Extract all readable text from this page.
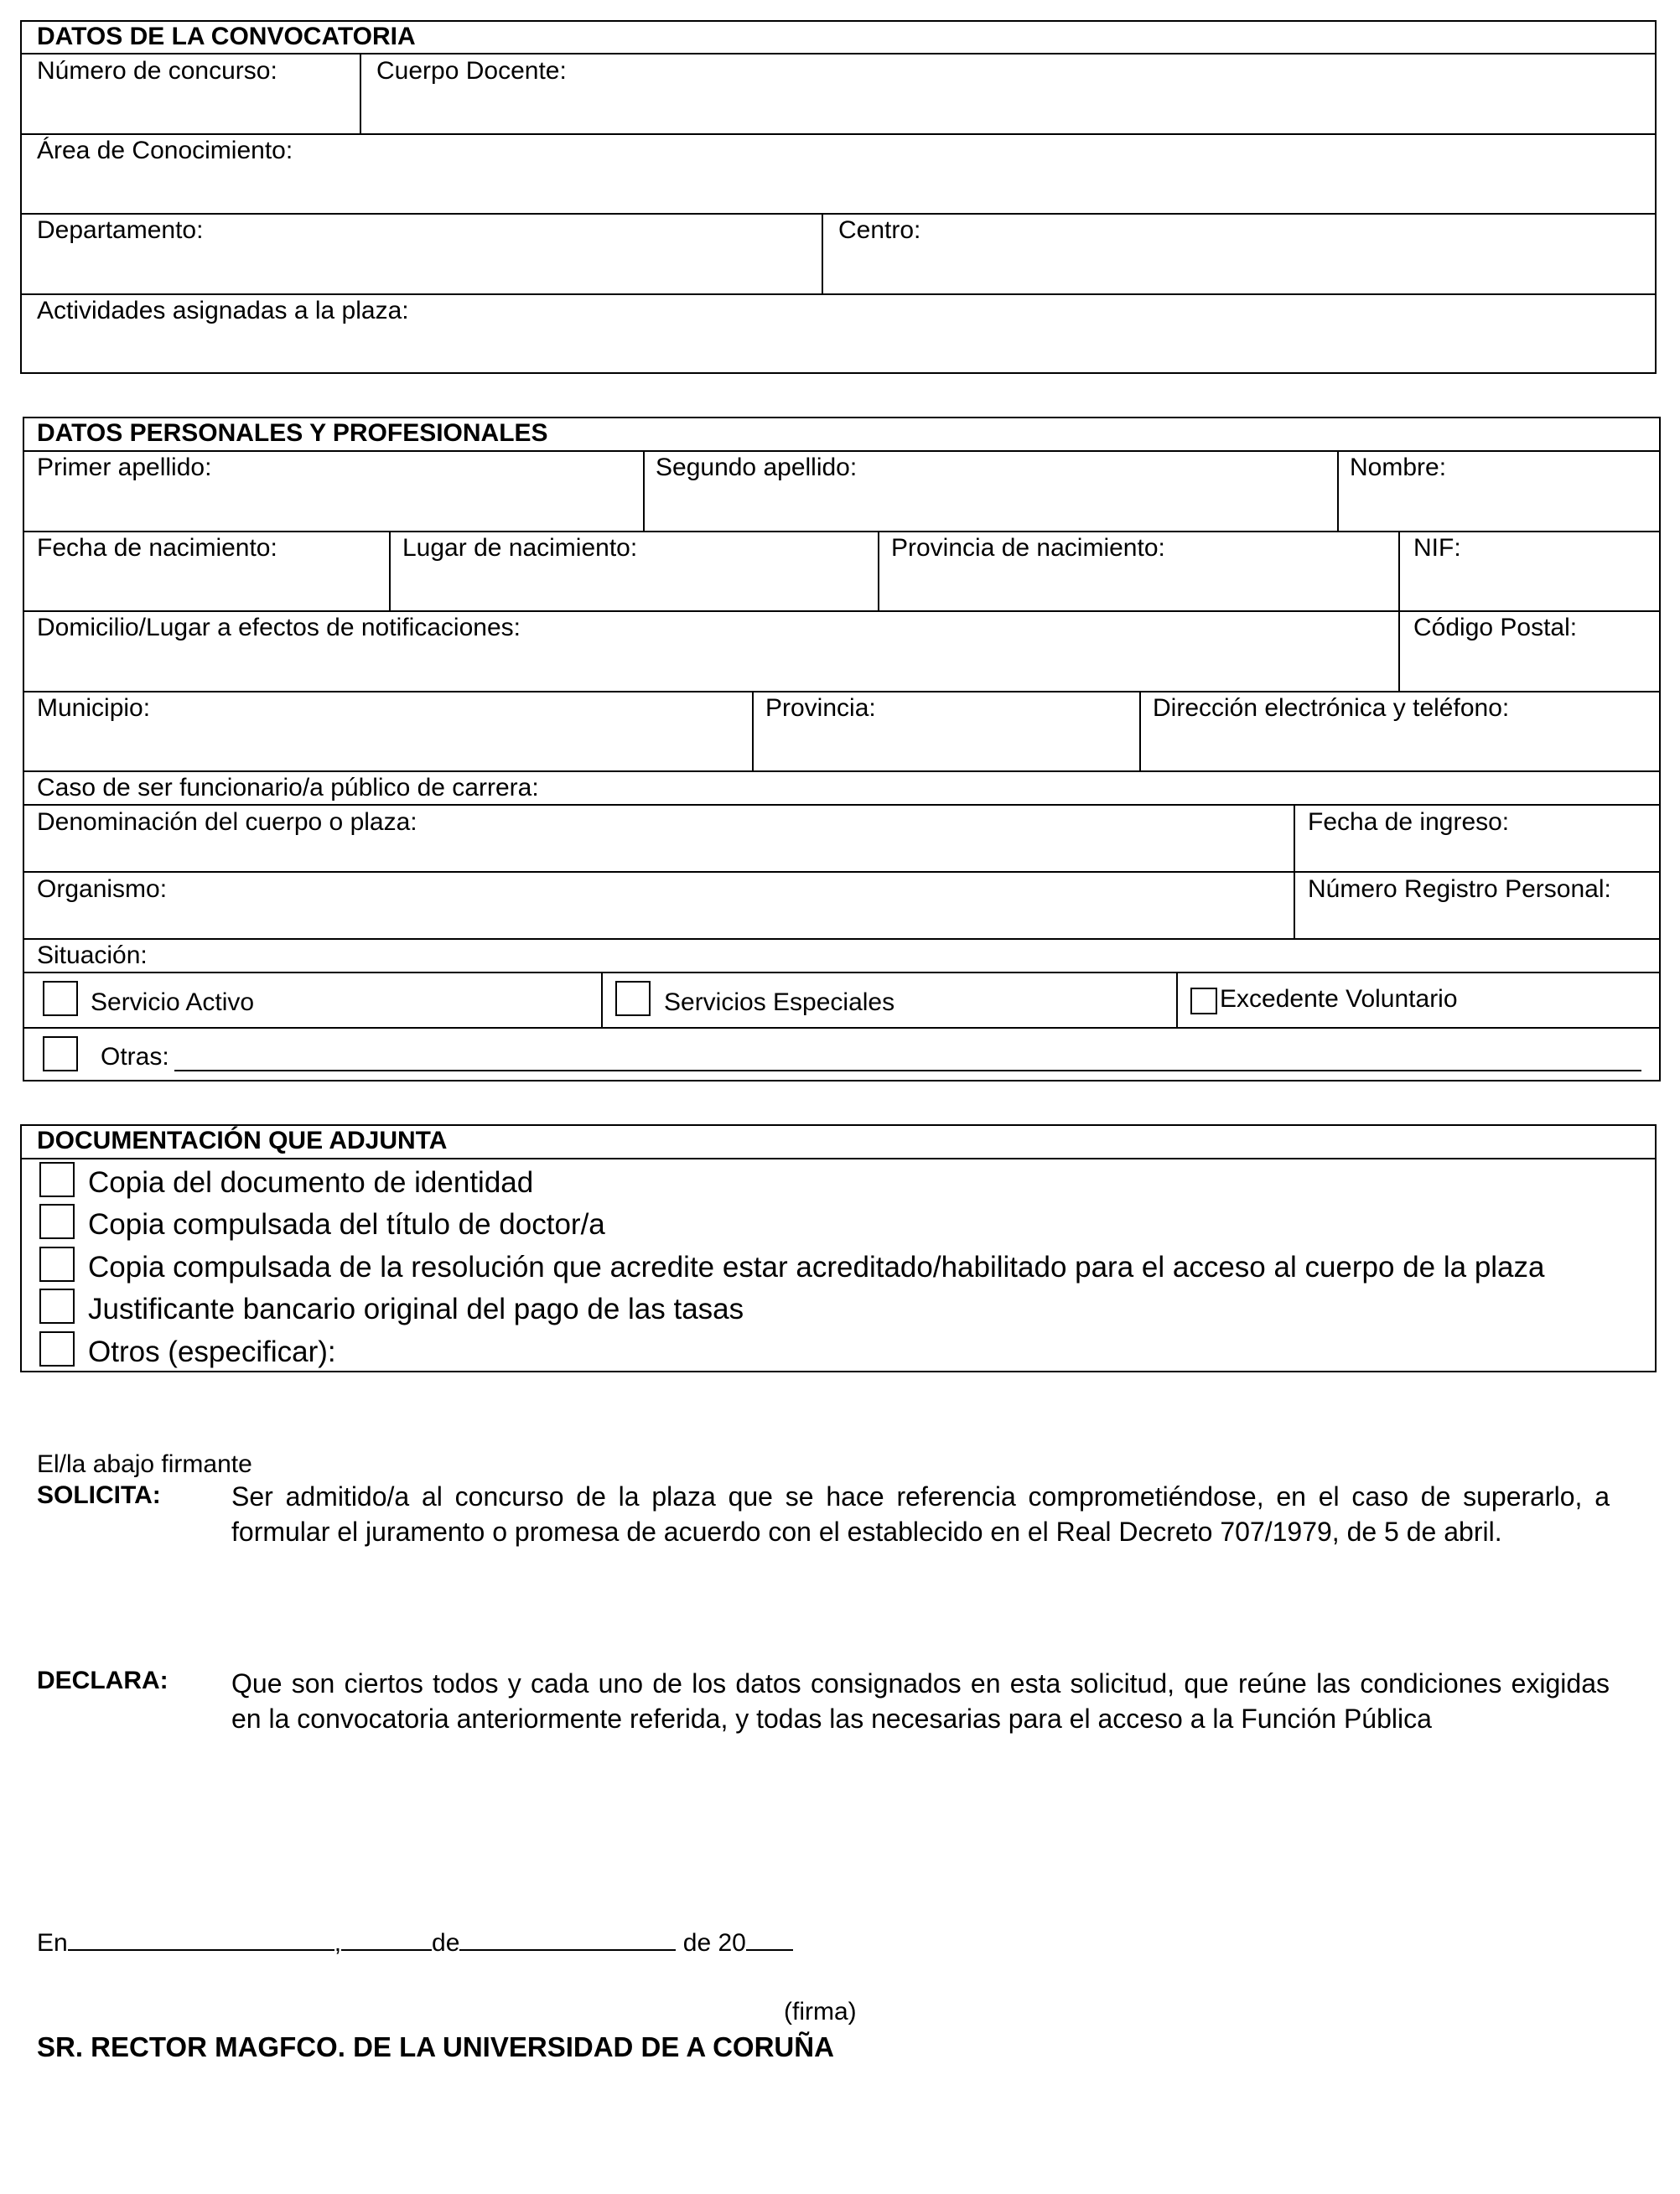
DATOS DE LA CONVOCATORIA
Número de concurso:	Cuerpo Docente:
Área de Conocimiento:
Departamento:	Centro:
Actividades asignadas a la plaza:
DATOS PERSONALES Y PROFESIONALES
Primer apellido:	Segundo apellido:	Nombre:
Fecha de nacimiento:	Lugar de nacimiento:	Provincia de nacimiento:	NIF:
Domicilio/Lugar a efectos de notificaciones:	Código Postal:
Municipio:	Provincia:	Dirección electrónica y teléfono:
Caso de ser funcionario/a público de carrera:
Denominación del cuerpo o plaza:	Fecha de ingreso:
Organismo:	Número Registro Personal:
Situación:
Servicio Activo	Servicios Especiales	Excedente Voluntario
Otras:
DOCUMENTACIÓN QUE ADJUNTA
Copia del documento de identidad
Copia compulsada del título de doctor/a
Copia compulsada de la resolución que acredite estar acreditado/habilitado para el acceso al cuerpo de la plaza
Justificante bancario original del pago de las tasas
Otros (especificar):
El/la abajo firmante
SOLICITA:	Ser admitido/a al concurso de la plaza que se hace referencia comprometiéndose, en el caso de superarlo, a formular el juramento o promesa de acuerdo con el establecido en el Real Decreto 707/1979, de 5 de abril.
DECLARA: Que son ciertos todos y cada uno de los datos consignados en esta solicitud, que reúne las condiciones exigidas en la convocatoria anteriormente referida, y todas las necesarias para el acceso a la Función Pública
En	,	de	de 20
(firma)
SR. RECTOR MAGFCO. DE LA UNIVERSIDAD DE A CORUÑA
